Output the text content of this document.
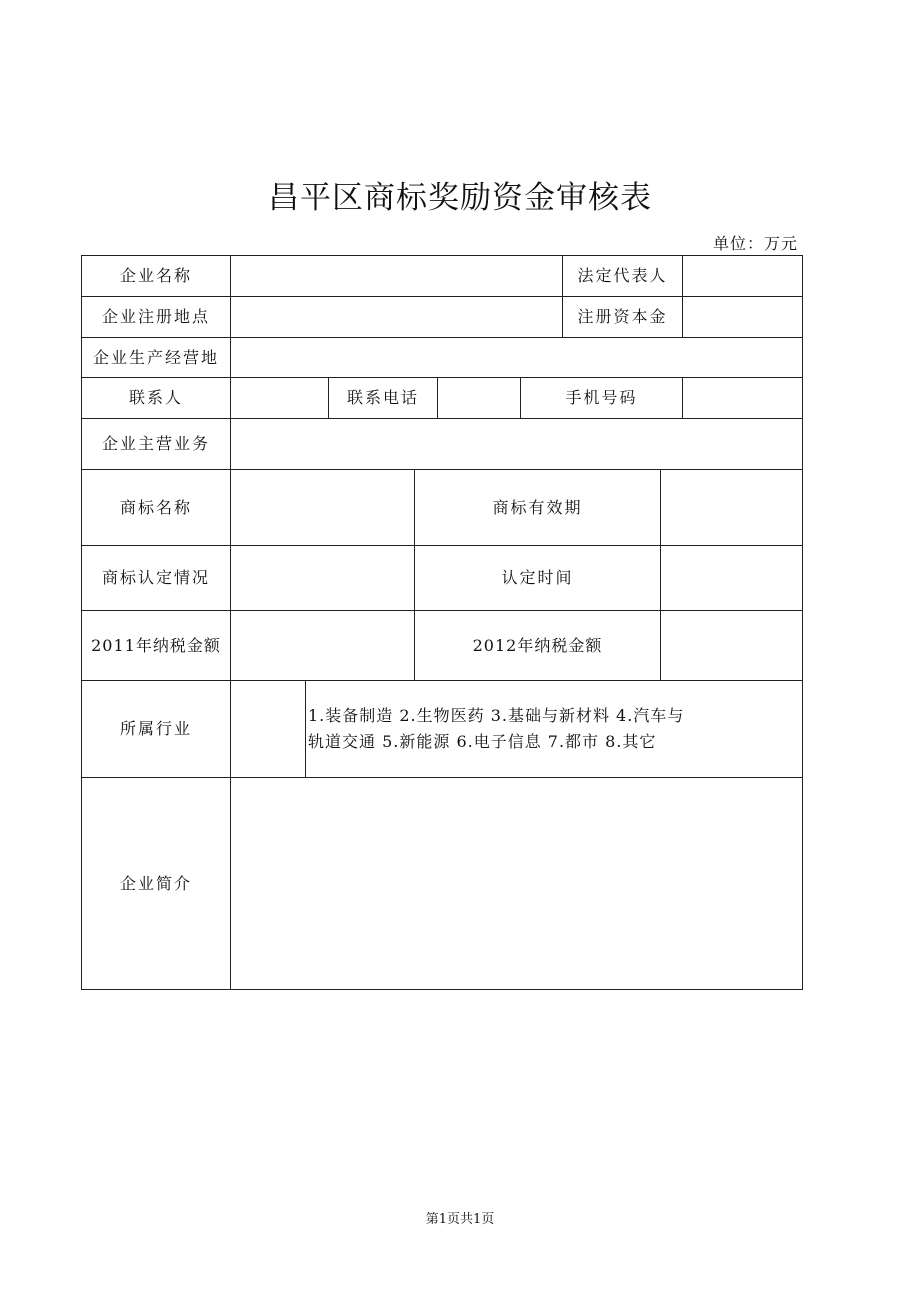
昌平区商标奖励资金审核表
单位：万元
企业名称							法定代表人		
企业注册地点							注册资本金		
企业生产经营地									
联系人			联系电话			手机号码			
企业主营业务									
商标名称				商标有效期					
商标认定情况				认定时间					
2011年纳税金额				2012年纳税金额					
所属行业		1.装备制造 2.生物医药 3.基础与新材料 4.汽车与
轨道交通 5.新能源 6.电子信息 7.都市 8.其它							

企业简介									
第1页共1页
